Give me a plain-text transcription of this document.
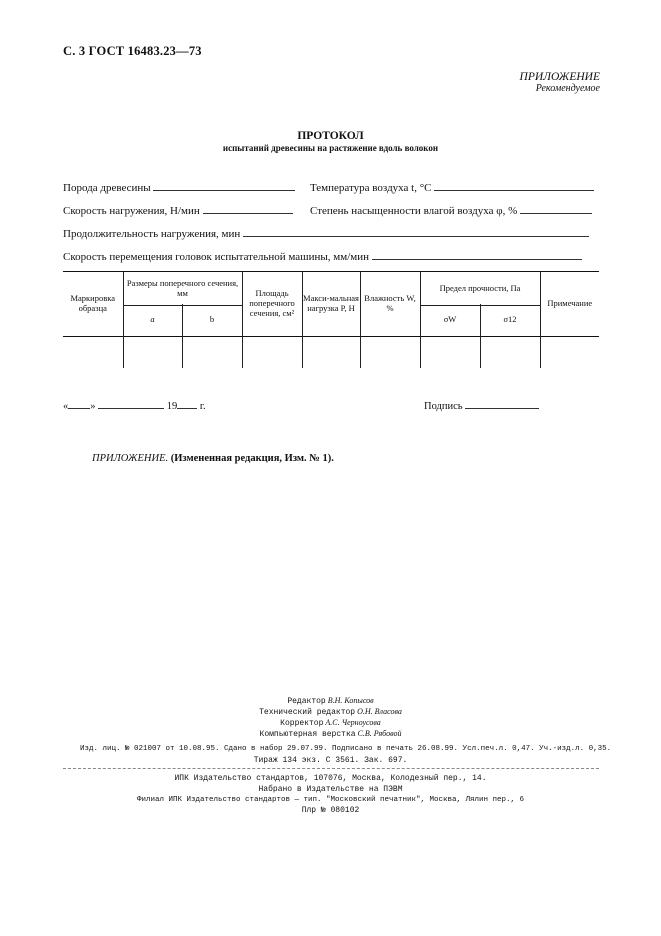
С. 3 ГОСТ 16483.23—73
ПРИЛОЖЕНИЕ
Рекомендуемое
ПРОТОКОЛ
испытаний древесины на растяжение вдоль волокон
Порода древесины	Температура воздуха t, °С
Скорость нагружения, Н/мин	Степень насыщенности влагой воздуха φ, %
Продолжительность нагружения, мин
Скорость перемещения головок испытательной машины, мм/мин
Маркировка образца	Размеры поперечного сечения, мм		Площадь поперечного сечения, см²	Макси-мальная нагрузка P, Н	Влажность W, %	Предел прочности, Па		Примечание
	a	b				σW	σ12	

« »	19 г.	Подпись
ПРИЛОЖЕНИЕ. (Измененная редакция, Изм. № 1).
Редактор В.Н. Копысов
Технический редактор О.Н. Власова
Корректор А.С. Черноусова
Компьютерная верстка С.В. Рябовой
Изд. лиц. № 021007 от 10.08.95. Сдано в набор 29.07.99. Подписано в печать 26.08.99. Усл.печ.л. 0,47. Уч.-изд.л. 0,35.
Тираж 134 экз. С 3561. Зак. 697.
ИПК Издательство стандартов, 107076, Москва, Колодезный пер., 14.
Набрано в Издательстве на ПЭВМ
Филиал ИПК Издательство стандартов — тип. "Московский печатник", Москва, Лялин пер., 6
Плр № 080102
